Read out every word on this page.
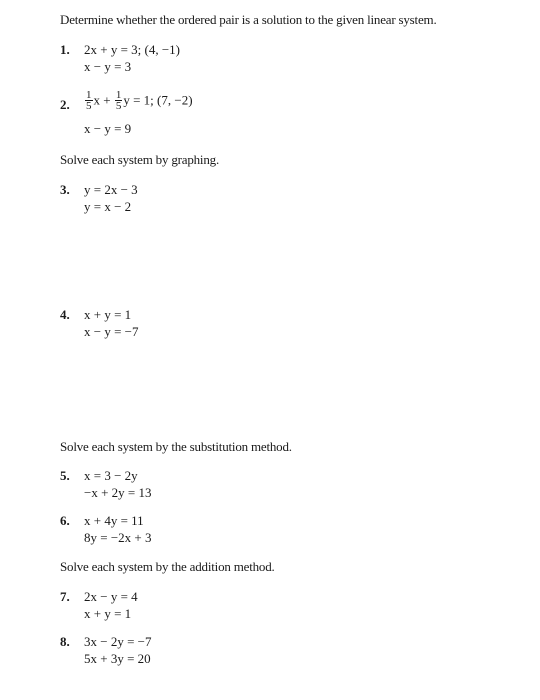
Determine whether the ordered pair is a solution to the given linear system.
1. 2x + y = 3; (4, −1)
x − y = 3
2. $\frac{1}{5}$ $x + \frac{1}{5}$ y = 1; (7, −2)
x − y = 9
Solve each system by graphing.
3. y = 2x − 3
y = x − 2
4. x + y = 1
x − y = −7
Solve each system by the substitution method.
5. x = 3 − 2y
−x + 2y = 13
6. x + 4y = 11
8y = −2x + 3
Solve each system by the addition method.
7. 2x − y = 4
x + y = 1
8. 3x − 2y = −7
5x + 3y = 20
